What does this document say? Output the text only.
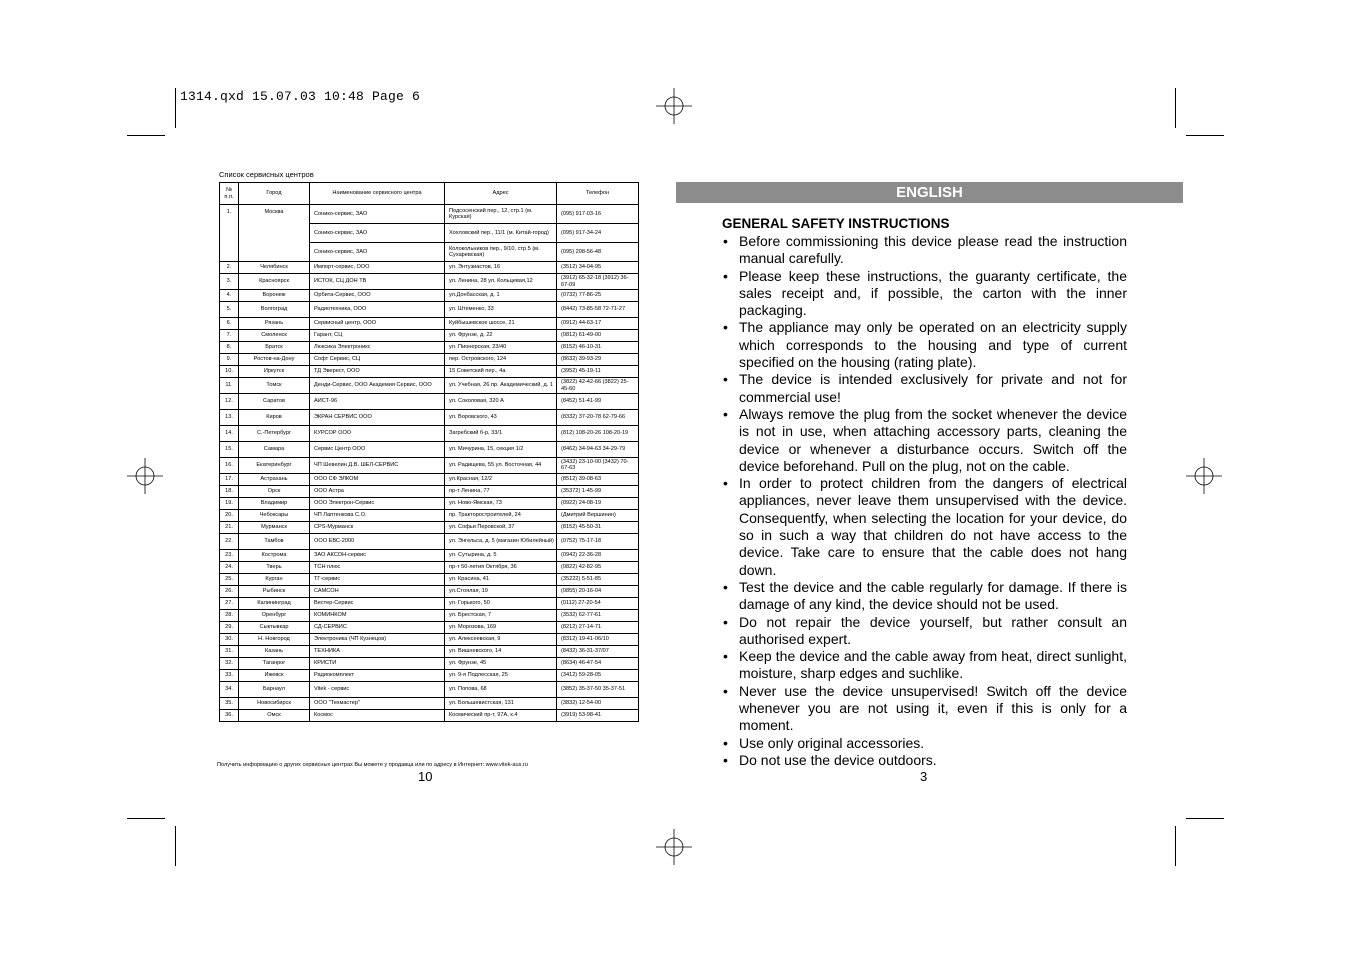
1314.qxd 15.07.03 10:48 Page 6
Список сервисных центров
№ п.п.	Город	Наименование сервисного центра	Адрес	Телефон
1.	Москва	Сонико-сервис, ЗАО	Подсосенский пер., 12, стр.1 (м. Курская)	(095) 917-03-16
		Сонико-сервис, ЗАО	Хохловский пер., 11/1 (м. Китай-город)	(095) 917-34-24
		Сонико-сервис, ЗАО	Колокольников пер., 9/10, стр.5 (м. Сухаревская)	(095) 208-56-48
2.	Челябинск	Импорт-сервис, ООО	ул. Энтузиастов, 16	(3512) 34-04-95
3.	Красноярск	ИСТОК, СЦ ДОН ТВ	ул. Ленина, 28 ул. Кольцевая,12	(3912) 65-32-18 (3912) 36-67-09
4.	Воронеж	Орбита-Сервис, ООО	ул.Донбасская, д. 1	(0732) 77-86-25
5.	Волгоград	Радиотехника, ООО	ул. Штеменко, 33	(8442) 73-85-58 72-71-27
6.	Рязань	Сервисный центр, ООО	Куйбышевское шоссе, 21	(0912) 44-63-17
7.	Смоленск	Гарант, СЦ	ул. Фрунзе, д. 22	(0812) 61-49-00
8.	Братск	Люксика Электроникс	ул. Пионерская, 23/40	(8152) 46-10-31
9.	Ростов-на-Дону	Софт Сервис, СЦ	пер. Островского, 124	(8632) 39-93-29
10.	Иркутск	ТД Эверест, ООО	15 Советский пер., 4а	(3952) 45-19-11
11.	Томск	Денди-Сервис, ООО Академия Сервис, ООО	ул. Учебная, 26 пр. Академический, д. 1	(3822) 42-42-66 (3822) 25-45-60
12.	Саратов	АИСТ-96	ул. Соколовая, 320 А	(8452) 51-41-99
13.	Киров	ЭКРАН СЕРВИС ООО	ул. Воровского, 43	(8332) 37-20-78 62-79-66
14.	С.-Петербург	КУРСОР ООО	Загребский б-р, 33/1	(812) 108-20-26 108-20-19
15.	Самара	Сервис Центр ООО	ул. Мичурина, 15, секция 1/2	(8462) 34-94-63 34-29-79
16.	Екатеринбург	ЧП Шевелин Д.В. ШЕЛ-СЕРВИС	ул. Радищева, 55 ул. Восточная, 44	(3432) 23-10-00 (3432) 70-67-63
17.	Астрахань	ООО СФ ЭЛКОМ	ул.Красная, 12/2	(8512) 39-08-63
18.	Орск	ООО Астра	пр-т Ленина, 77	(35372) 1-45-99
19.	Владимир	ООО Электрон-Сервис	ул. Ново-Ямская, 73	(0922) 24-08-19
20.	Чебоксары	ЧП Лаптенкова С.О.	пр. Тракторостроителей, 24	(Дмитрий Вершинин)
21.	Мурманск	CPS-Мурманск	ул. Софьи Перовской, 37	(8152) 45-50-31
22.	Тамбов	ООО ЕВС-2000	ул. Энгельса, д. 5 (магазин Юбилейный)	(0752) 75-17-18
23.	Кострома	ЗАО АКСОН-сервис	ул. Сутырина, д. 5	(0942) 22-36-28
24.	Тверь	ТСН плюс	пр-т 50-летия Октября, 36	(0822) 42-82-95
25.	Курган	ТГ-сервис	ул. Красина, 41	(35222) 5-51-85
26.	Рыбинск	САМСОН	ул.Стоялая, 19	(0855) 20-16-04
27.	Калининград	Вестер-Сервис	ул. Горького, 50	(0112) 27-20-54
28.	Оренбург	КОМИНКОМ	ул. Брестская, 7	(3532) 62-77-61
29.	Сыктывкар	СД-СЕРВИС	ул. Морозова, 169	(8212) 27-14-71
30.	Н. Новгород	Электроника (ЧП Кузнецов)	ул. Алексеевская, 9	(8312) 19-41-06/10
31.	Казань	ТЕХНИКА	ул. Вишневского, 14	(8432) 36-31-37/07
32.	Таганрог	КРИСТИ	ул. Фрунзе, 45	(8634) 46-47-54
33.	Ижевск	Радиокомплект	ул. 9-я Подлесская, 25	(3412) 59-28-05
34.	Барнаул	Vitek - сервис	ул. Попова, 68	(3852) 35-37-50 35-37-51
35.	Новосибирск	ООО "Техмастер"	ул. Большевистская, 131	(3832) 12-54-00
36.	Омск	Космос	Космический пр-т, 97А, к.4	(3919) 53-98-41
Получить информацию о других сервисных центрах Вы можете у продавца или по адресу в Интернет: www.vitek-aus.ru
10
ENGLISH
GENERAL SAFETY INSTRUCTIONS
• Before commissioning this device please read the instruction manual carefully.
• Please keep these instructions, the guaranty certificate, the sales receipt and, if possible, the carton with the inner packaging.
• The appliance may only be operated on an electricity supply which corresponds to the housing and type of current specified on the housing (rating plate).
• The device is intended exclusively for private and not for commercial use!
• Always remove the plug from the socket whenever the device is not in use, when attaching accessory parts, cleaning the device or whenever a disturbance occurs. Switch off the device beforehand. Pull on the plug, not on the cable.
• In order to protect children from the dangers of electrical appliances, never leave them unsupervised with the device. Consequentfy, when selecting the location for your device, do so in such a way that children do not have access to the device. Take care to ensure that the cable does not hang down.
• Test the device and the cable regularly for damage. If there is damage of any kind, the device should not be used.
• Do not repair the device yourself, but rather consult an authorised expert.
• Keep the device and the cable away from heat, direct sunlight, moisture, sharp edges and suchlike.
• Never use the device unsupervised! Switch off the device whenever you are not using it, even if this is only for a moment.
• Use only original accessories.
• Do not use the device outdoors.
3
